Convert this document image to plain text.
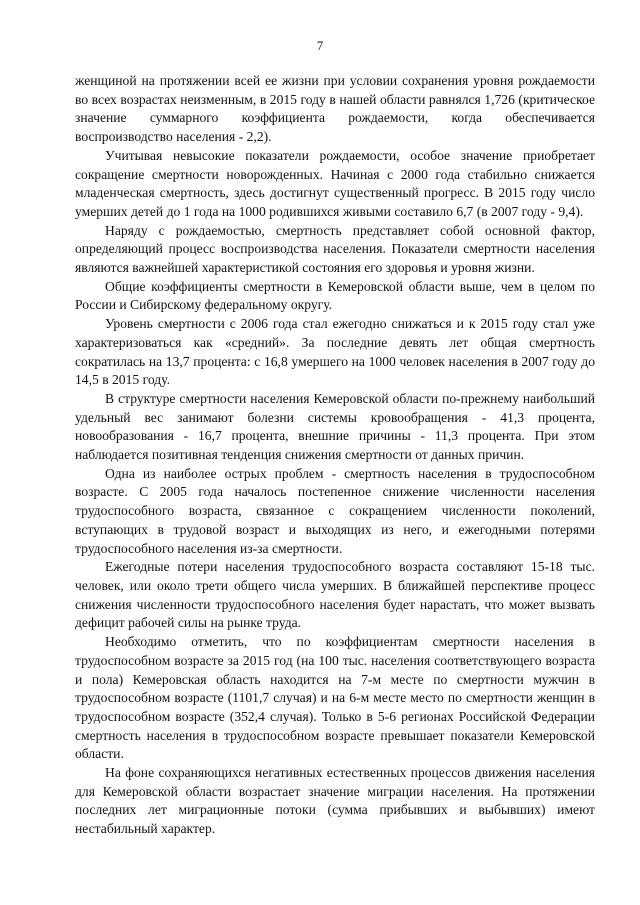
7

женщиной на протяжении всей ее жизни при условии сохранения уровня рождаемости во всех возрастах неизменным, в 2015 году в нашей области равнялся 1,726 (критическое значение суммарного коэффициента рождаемости, когда обеспечивается воспроизводство населения - 2,2).

Учитывая невысокие показатели рождаемости, особое значение приобретает сокращение смертности новорожденных. Начиная с 2000 года стабильно снижается младенческая смертность, здесь достигнут существенный прогресс. В 2015 году число умерших детей до 1 года на 1000 родившихся живыми составило 6,7 (в 2007 году - 9,4).

Наряду с рождаемостью, смертность представляет собой основной фактор, определяющий процесс воспроизводства населения. Показатели смертности населения являются важнейшей характеристикой состояния его здоровья и уровня жизни.

Общие коэффициенты смертности в Кемеровской области выше, чем в целом по России и Сибирскому федеральному округу.

Уровень смертности с 2006 года стал ежегодно снижаться и к 2015 году стал уже характеризоваться как «средний». За последние девять лет общая смертность сократилась на 13,7 процента: с 16,8 умершего на 1000 человек населения в 2007 году до 14,5 в 2015 году.

В структуре смертности населения Кемеровской области по-прежнему наибольший удельный вес занимают болезни системы кровообращения - 41,3 процента, новообразования - 16,7 процента, внешние причины - 11,3 процента. При этом наблюдается позитивная тенденция снижения смертности от данных причин.

Одна из наиболее острых проблем - смертность населения в трудоспособном возрасте. С 2005 года началось постепенное снижение численности населения трудоспособного возраста, связанное с сокращением численности поколений, вступающих в трудовой возраст и выходящих из него, и ежегодными потерями трудоспособного населения из-за смертности.

Ежегодные потери населения трудоспособного возраста составляют 15-18 тыс. человек, или около трети общего числа умерших. В ближайшей перспективе процесс снижения численности трудоспособного населения будет нарастать, что может вызвать дефицит рабочей силы на рынке труда.

Необходимо отметить, что по коэффициентам смертности населения в трудоспособном возрасте за 2015 год (на 100 тыс. населения соответствующего возраста и пола) Кемеровская область находится на 7-м месте по смертности мужчин в трудоспособном возрасте (1101,7 случая) и на 6-м месте место по смертности женщин в трудоспособном возрасте (352,4 случая). Только в 5-6 регионах Российской Федерации смертность населения в трудоспособном возрасте превышает показатели Кемеровской области.

На фоне сохраняющихся негативных естественных процессов движения населения для Кемеровской области возрастает значение миграции населения. На протяжении последних лет миграционные потоки (сумма прибывших и выбывших) имеют нестабильный характер.
